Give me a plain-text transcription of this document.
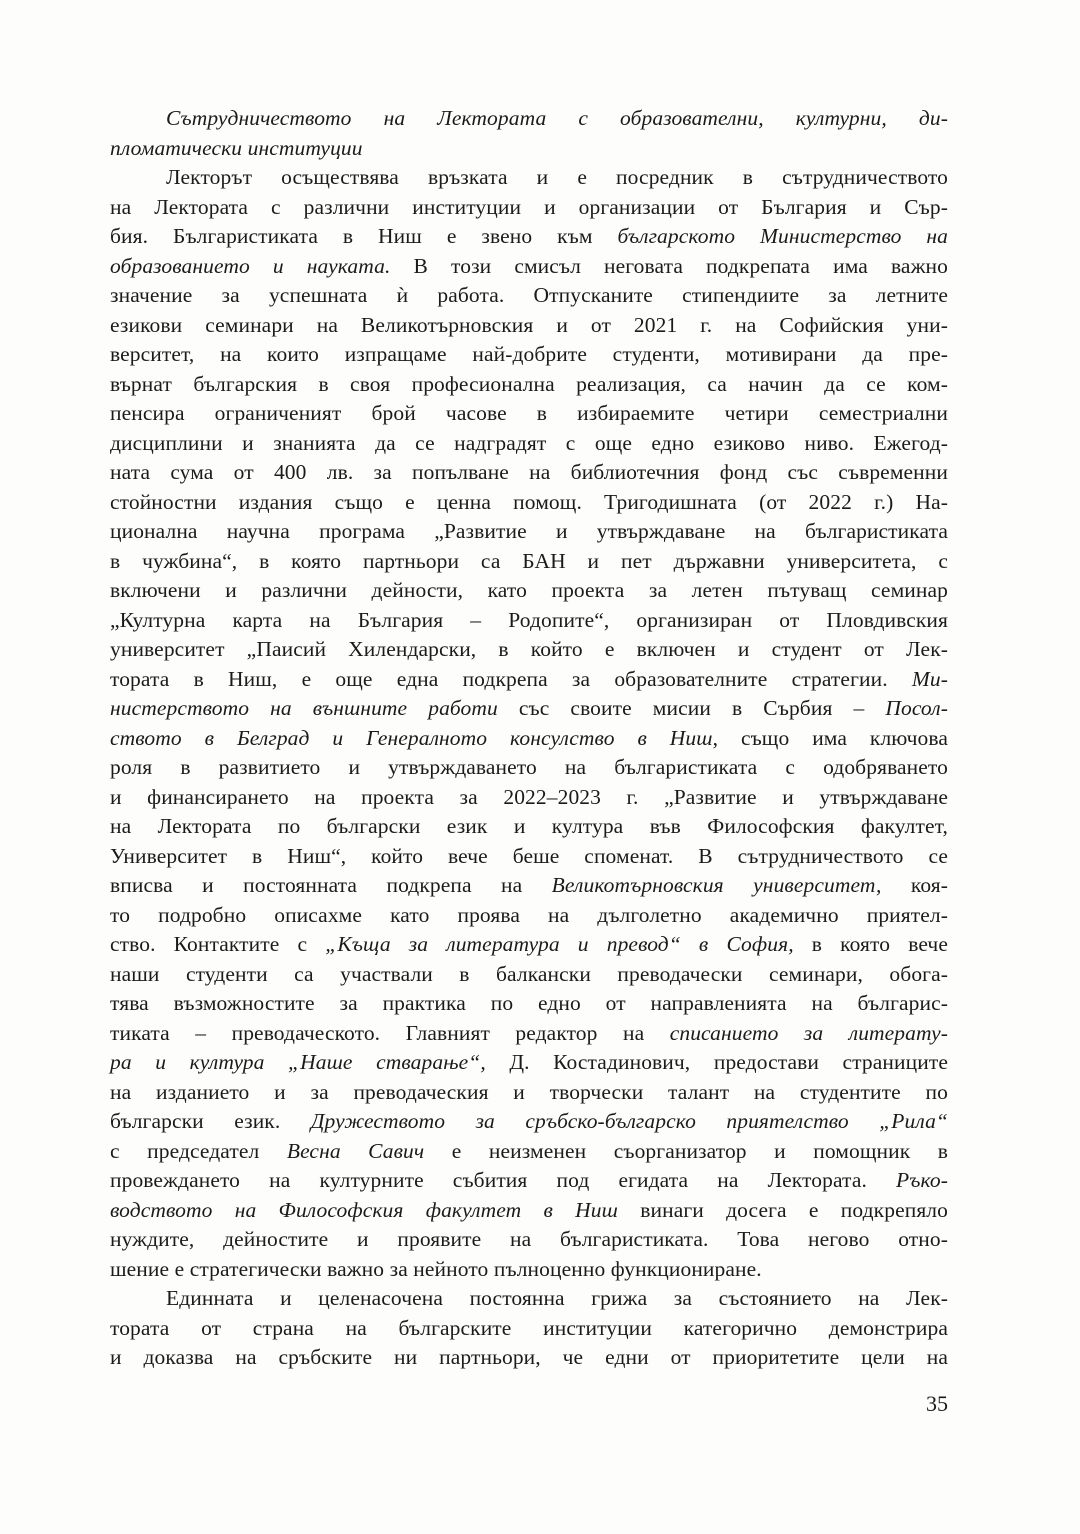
Сътрудничеството на Лектората с образователни, културни, ди-
пломатически институции
Лекторът осъществява връзката и е посредник в сътрудничеството
на Лектората с различни институции и организации от България и Сър-
бия. Българистиката в Ниш е звено към българското Министерство на
образованието и науката. В този смисъл неговата подкрепата има важно
значение за успешната ѝ работа. Отпусканите стипендиите за летните
езикови семинари на Великотърновския и от 2021 г. на Софийския уни-
верситет, на които изпращаме най-добрите студенти, мотивирани да пре-
върнат българския в своя професионална реализация, са начин да се ком-
пенсира ограниченият брой часове в избираемите четири семестриални
дисциплини и знанията да се надградят с още едно езиково ниво. Ежегод-
ната сума от 400 лв. за попълване на библиотечния фонд със съвременни
стойностни издания също е ценна помощ. Тригодишната (от 2022 г.) На-
ционална научна програма „Развитие и утвърждаване на българистиката
в чужбина“, в която партньори са БАН и пет държавни университета, с
включени и различни дейности, като проекта за летен пътуващ семинар
„Културна карта на България – Родопите“, организиран от Пловдивския
университет „Паисий Хилендарски, в който е включен и студент от Лек-
тората в Ниш, е още една подкрепа за образователните стратегии. Ми-
нистерството на външните работи със своите мисии в Сърбия – Посол-
ството в Белград и Генералното консулство в Ниш, също има ключова
роля в развитието и утвърждаването на българистиката с одобряването
и финансирането на проекта за 2022–2023 г. „Развитие и утвърждаване
на Лектората по български език и култура във Философския факултет,
Университет в Ниш“, който вече беше споменат. В сътрудничеството се
вписва и постоянната подкрепа на Великотърновския университет, коя-
то подробно описахме като проява на дълголетно академично приятел-
ство. Контактите с „Къща за литература и превод“ в София, в която вече
наши студенти са участвали в балкански преводачески семинари, обога-
тява възможностите за практика по едно от направленията на българис-
тиката – преводаческото. Главният редактор на списанието за литерату-
ра и култура „Наше стварање“, Д. Костадинович, предостави страниците
на изданието и за преводаческия и творчески талант на студентите по
български език. Дружеството за сръбско-българско приятелство „Рила“
с председател Весна Савич е неизменен съорганизатор и помощник в
провеждането на културните събития под егидата на Лектората. Ръко-
водството на Философския факултет в Ниш винаги досега е подкрепяло
нуждите, дейностите и проявите на българистиката. Това негово отно-
шение е стратегически важно за нейното пълноценно функциониране.
Единната и целенасочена постоянна грижа за състоянието на Лек-
тората от страна на българските институции категорично демонстрира
и доказва на сръбските ни партньори, че едни от приоритетите цели на
35
